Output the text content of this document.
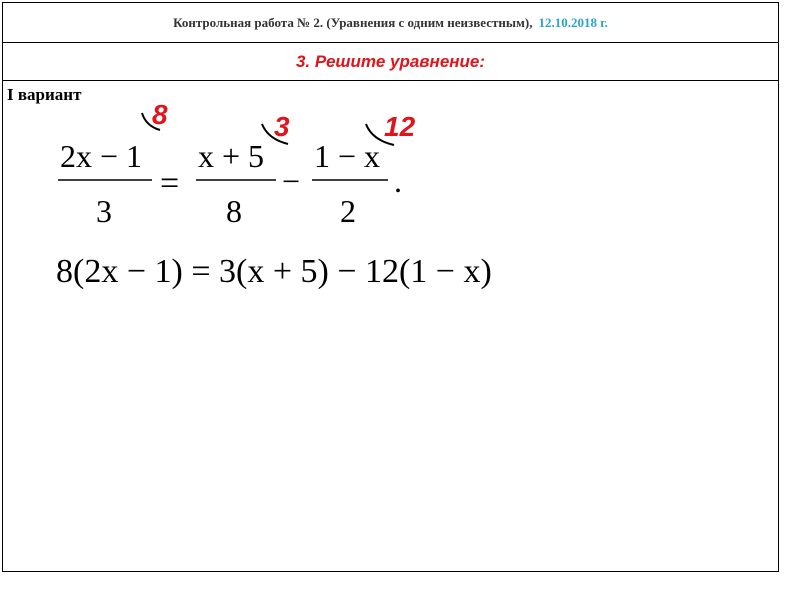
Контрольная работа № 2. (Уравнения с одним неизвестным), 12.10.2018 г.
3. Решите уравнение:
I вариант
8	3	12
2x − 1
3
=
x + 5
8
−
1 − x
2
.
8(2x − 1) = 3(x + 5) − 12(1 − x)
